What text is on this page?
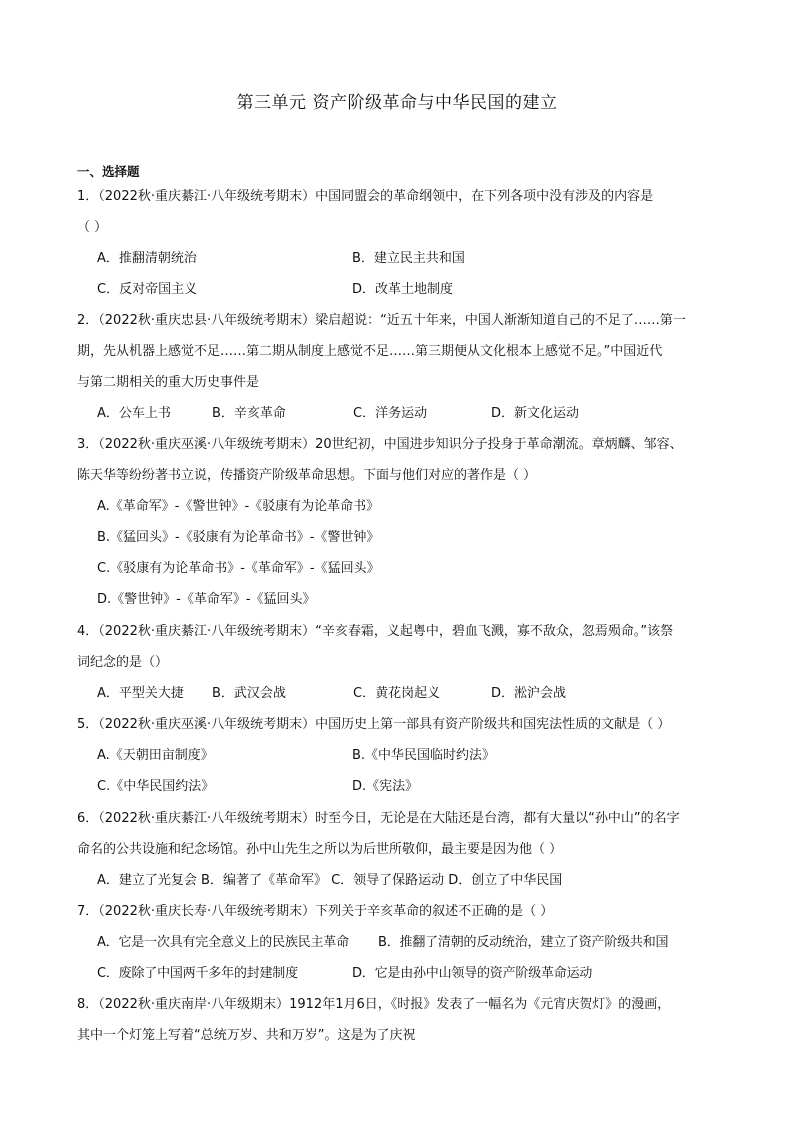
第三单元 资产阶级革命与中华民国的建立
一、选择题
1．（2022秋·重庆綦江·八年级统考期末）中国同盟会的革命纲领中，在下列各项中没有涉及的内容是
（ ）
A．推翻清朝统治	B．建立民主共和国
C．反对帝国主义	D．改革土地制度
2．（2022秋·重庆忠县·八年级统考期末）梁启超说：“近五十年来，中国人渐渐知道自己的不足了……第一
期，先从机器上感觉不足……第二期从制度上感觉不足……第三期便从文化根本上感觉不足。”中国近代
与第二期相关的重大历史事件是
A．公车上书	B．辛亥革命	C．洋务运动	D．新文化运动
3．（2022秋·重庆巫溪·八年级统考期末）20世纪初，中国进步知识分子投身于革命潮流。章炳麟、邹容、
陈天华等纷纷著书立说，传播资产阶级革命思想。下面与他们对应的著作是（ ）
A.《革命军》-《警世钟》-《驳康有为论革命书》
B.《猛回头》-《驳康有为论革命书》-《警世钟》
C.《驳康有为论革命书》-《革命军》-《猛回头》
D.《警世钟》-《革命军》-《猛回头》
4．（2022秋·重庆綦江·八年级统考期末）“辛亥春霜，义起粤中，碧血飞溅，寡不敌众，忽焉殒命。”该祭
词纪念的是（）
A．平型关大捷 B．武汉会战	C．黄花岗起义	D．淞沪会战
5．（2022秋·重庆巫溪·八年级统考期末）中国历史上第一部具有资产阶级共和国宪法性质的文献是（ ）
A.《天朝田亩制度》	B.《中华民国临时约法》
C.《中华民国约法》	D.《宪法》
6．（2022秋·重庆綦江·八年级统考期末）时至今日，无论是在大陆还是台湾，都有大量以“孙中山”的名字
命名的公共设施和纪念场馆。孙中山先生之所以为后世所敬仰，最主要是因为他（ ）
A．建立了光复会 B．编著了《革命军》 C．领导了保路运动 D．创立了中华民国
7．（2022秋·重庆长寿·八年级统考期末）下列关于辛亥革命的叙述不正确的是（ ）
A．它是一次具有完全意义上的民族民主革命 B．推翻了清朝的反动统治，建立了资产阶级共和国
C．废除了中国两千多年的封建制度	D．它是由孙中山领导的资产阶级革命运动
8．（2022秋·重庆南岸·八年级期末）1912年1月6日，《时报》发表了一幅名为《元宵庆贺灯》的漫画，
其中一个灯笼上写着“总统万岁、共和万岁”。这是为了庆祝
